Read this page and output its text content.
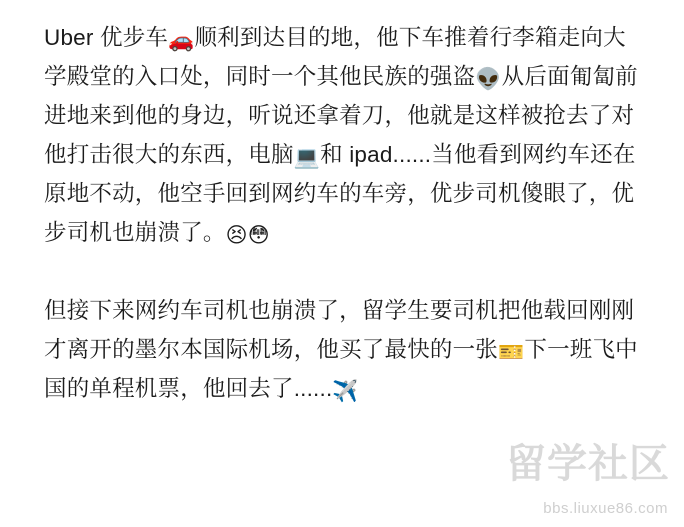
Uber 优步车🚗顺利到达目的地，他下车推着行李箱走向大学殿堂的入口处，同时一个其他民族的强盗👽从后面匍匐前进地来到他的身边，听说还拿着刀，他就是这样被抢去了对他打击很大的东西，电脑💻和 ipad......当他看到网约车还在原地不动，他空手回到网约车的车旁，优步司机傻眼了，优步司机也崩溃了。😣😳

但接下来网约车司机也崩溃了，留学生要司机把他载回刚刚才离开的墨尔本国际机场，他买了最快的一张🎫下一班飞中国的单程机票，他回去了......✈️

留学社区
bbs.liuxue86.com
